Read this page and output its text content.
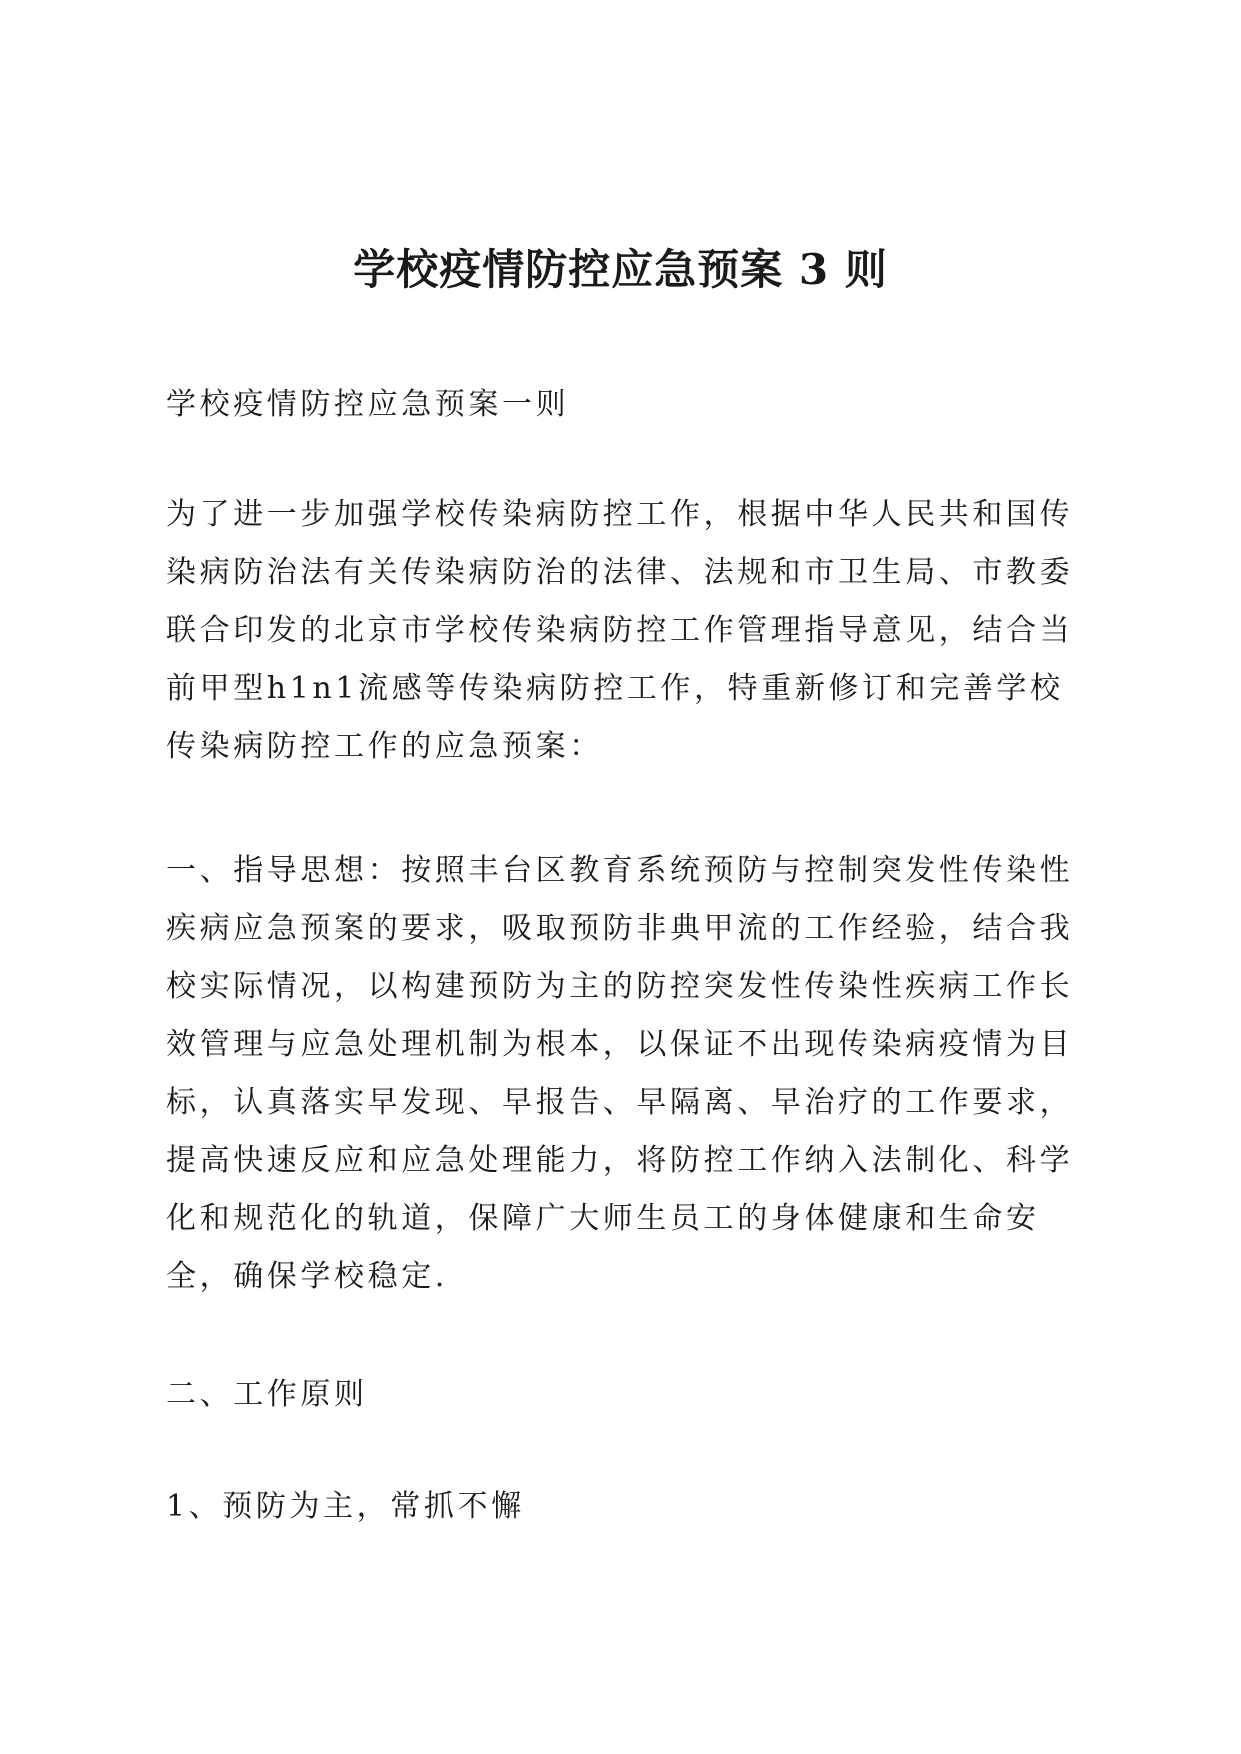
学校疫情防控应急预案 3 则

学校疫情防控应急预案一则

为了进一步加强学校传染病防控工作，根据中华人民共和国传染病防治法有关传染病防治的法律、法规和市卫生局、市教委联合印发的北京市学校传染病防控工作管理指导意见，结合当前甲型h1n1流感等传染病防控工作，特重新修订和完善学校传染病防控工作的应急预案：

一、指导思想：按照丰台区教育系统预防与控制突发性传染性疾病应急预案的要求，吸取预防非典甲流的工作经验，结合我校实际情况，以构建预防为主的防控突发性传染性疾病工作长效管理与应急处理机制为根本，以保证不出现传染病疫情为目标，认真落实早发现、早报告、早隔离、早治疗的工作要求，提高快速反应和应急处理能力，将防控工作纳入法制化、科学化和规范化的轨道，保障广大师生员工的身体健康和生命安全，确保学校稳定.

二、工作原则

1、预防为主，常抓不懈
